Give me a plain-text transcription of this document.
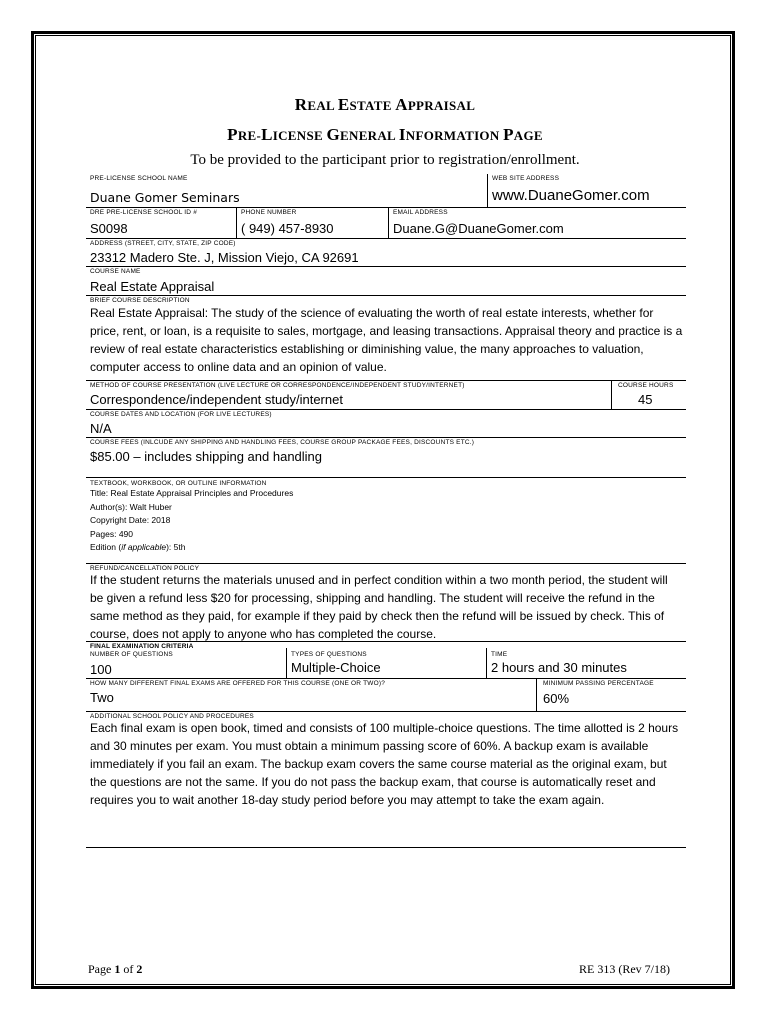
REAL ESTATE APPRAISAL
PRE-LICENSE GENERAL INFORMATION PAGE
To be provided to the participant prior to registration/enrollment.
PRE-LICENSE SCHOOL NAME
Duane Gomer Seminars
WEB SITE ADDRESS
www.DuaneGomer.com
DRE PRE-LICENSE SCHOOL ID #
S0098
PHONE NUMBER
( 949) 457-8930
EMAIL ADDRESS
Duane.G@DuaneGomer.com
ADDRESS (STREET, CITY, STATE, ZIP CODE)
23312 Madero Ste. J, Mission Viejo, CA 92691
COURSE NAME
Real Estate Appraisal
BRIEF COURSE DESCRIPTION
Real Estate Appraisal: The study of the science of evaluating the worth of real estate interests, whether for price, rent, or loan, is a requisite to sales, mortgage, and leasing transactions. Appraisal theory and practice is a review of real estate characteristics establishing or diminishing value, the many approaches to valuation, computer access to online data and an opinion of value.
METHOD OF COURSE PRESENTATION (LIVE LECTURE OR CORRESPONDENCE/INDEPENDENT STUDY/INTERNET)
Correspondence/independent study/internet
COURSE HOURS
45
COURSE DATES AND LOCATION (FOR LIVE LECTURES)
N/A
COURSE FEES (INLCUDE ANY SHIPPING AND HANDLING FEES, COURSE GROUP PACKAGE FEES, DISCOUNTS ETC.)
$85.00 – includes shipping and handling
TEXTBOOK, WORKBOOK, OR OUTLINE INFORMATION
Title: Real Estate Appraisal Principles and Procedures
Author(s): Walt Huber
Copyright Date: 2018
Pages: 490
Edition (if applicable): 5th
REFUND/CANCELLATION POLICY
If the student returns the materials unused and in perfect condition within a two month period, the student will be given a refund less $20 for processing, shipping and handling. The student will receive the refund in the same method as they paid, for example if they paid by check then the refund will be issued by check. This of course, does not apply to anyone who has completed the course.
FINAL EXAMINATION CRITERIA
NUMBER OF QUESTIONS
100
TYPES OF QUESTIONS
Multiple-Choice
TIME
2 hours and 30 minutes
HOW MANY DIFFERENT FINAL EXAMS ARE OFFERED FOR THIS COURSE (ONE OR TWO)?
Two
MINIMUM PASSING PERCENTAGE
60%
ADDITIONAL SCHOOL POLICY AND PROCEDURES
Each final exam is open book, timed and consists of 100 multiple-choice questions. The time allotted is 2 hours and 30 minutes per exam. You must obtain a minimum passing score of 60%. A backup exam is available immediately if you fail an exam. The backup exam covers the same course material as the original exam, but the questions are not the same. If you do not pass the backup exam, that course is automatically reset and requires you to wait another 18-day study period before you may attempt to take the exam again.
Page 1 of 2	RE 313 (Rev 7/18)
